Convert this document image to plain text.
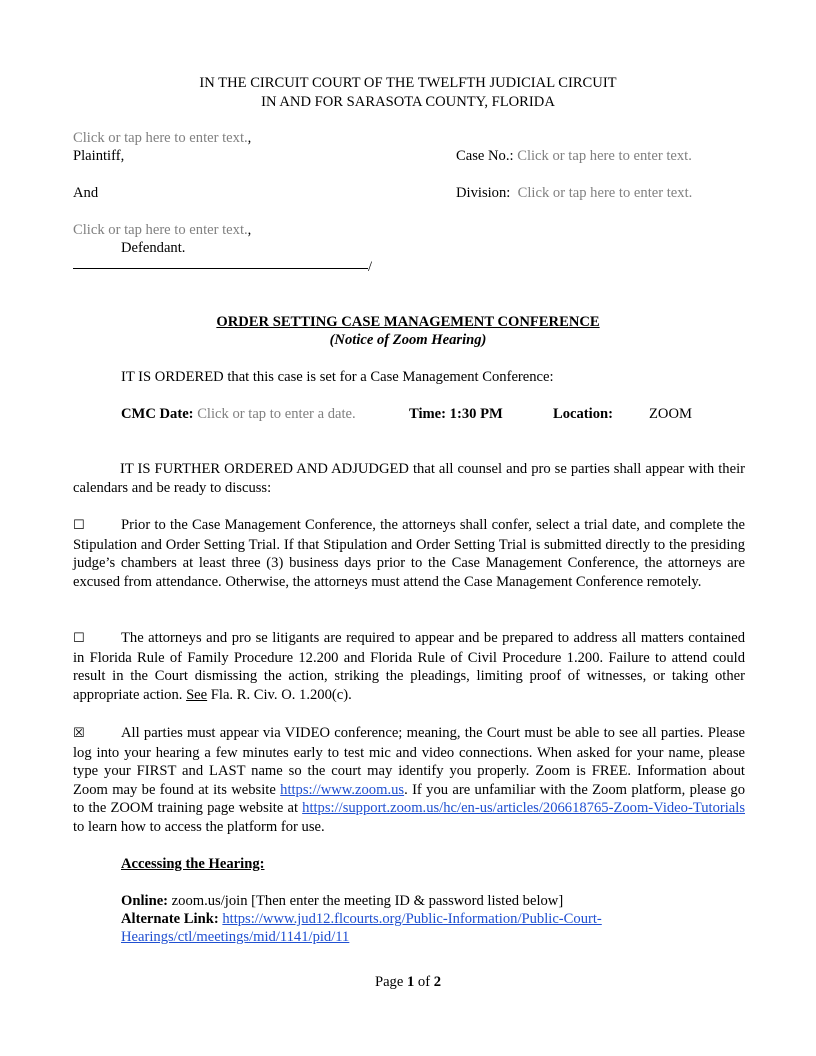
IN THE CIRCUIT COURT OF THE TWELFTH JUDICIAL CIRCUIT
IN AND FOR SARASOTA COUNTY, FLORIDA
Click or tap here to enter text.,
Plaintiff,
And
Click or tap here to enter text.,
Defendant.
/
Case No.: Click or tap here to enter text.
Division: Click or tap here to enter text.
ORDER SETTING CASE MANAGEMENT CONFERENCE
(Notice of Zoom Hearing)
IT IS ORDERED that this case is set for a Case Management Conference:
CMC Date: Click or tap to enter a date.	Time: 1:30 PM	Location: ZOOM
IT IS FURTHER ORDERED AND ADJUDGED that all counsel and pro se parties shall appear with their calendars and be ready to discuss:
☐ Prior to the Case Management Conference, the attorneys shall confer, select a trial date, and complete the Stipulation and Order Setting Trial. If that Stipulation and Order Setting Trial is submitted directly to the presiding judge’s chambers at least three (3) business days prior to the Case Management Conference, the attorneys are excused from attendance. Otherwise, the attorneys must attend the Case Management Conference remotely.
☐ The attorneys and pro se litigants are required to appear and be prepared to address all matters contained in Florida Rule of Family Procedure 12.200 and Florida Rule of Civil Procedure 1.200. Failure to attend could result in the Court dismissing the action, striking the pleadings, limiting proof of witnesses, or taking other appropriate action. See Fla. R. Civ. O. 1.200(c).
☒ All parties must appear via VIDEO conference; meaning, the Court must be able to see all parties. Please log into your hearing a few minutes early to test mic and video connections. When asked for your name, please type your FIRST and LAST name so the court may identify you properly. Zoom is FREE. Information about Zoom may be found at its website https://www.zoom.us. If you are unfamiliar with the Zoom platform, please go to the ZOOM training page website at https://support.zoom.us/hc/en-us/articles/206618765-Zoom-Video-Tutorials to learn how to access the platform for use.
Accessing the Hearing:
Online: zoom.us/join [Then enter the meeting ID & password listed below]
Alternate Link: https://www.jud12.flcourts.org/Public-Information/Public-Court-
Hearings/ctl/meetings/mid/1141/pid/11
Page 1 of 2
